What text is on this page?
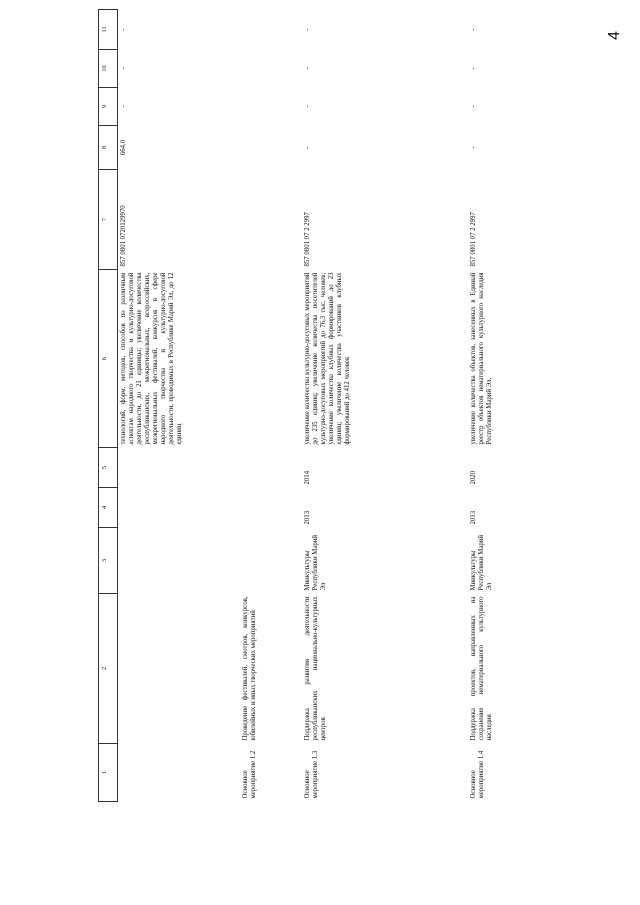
4
1	2	3	4	5	6	7	8	9	10	11
					технологий, форм, методов, способов по различным аспектам народного творчества и культурно-досуговой деятельности, до 21 единицы; увеличение количества республиканских, межрегиональных, всероссийских, межрегиональных фестивалей, конкурсов в сфере народного творчества и культурно-досуговой деятельности, проводимых в Республике Марий Эл, до 12 единиц	857 0801 0720129970	664,0	-	-	-
Основное мероприятие 1.2	Проведение фестивалей, смотров, конкурсов, юбилейных и иных творческих мероприятий									
Основное мероприятие 1.3	Поддержка развития деятельности республиканских национально-культурных центров	Минкультуры Республики Марий Эл	2013	2014	увеличение количества культурно-досуговых мероприятий до 235 единиц; увеличение количества посетителей культурно-досуговых мероприятий до 76,3 тыс. человек; увеличение количества клубных формирований до 23 единиц; увеличение количества участников клубных формирований до 412 человек	857 0801 07 2 2997	-	-	-	-
Основное мероприятие 1.4	Поддержка проектов, направленных на сохранение нематериального культурного наследия	Минкультуры Республики Марий Эл	2013	2020	увеличение количества объектов, занесенных в Единый реестр объектов нематериального культурного наследия Республики Марий Эл,	857 0801 07 2 2997	-	-	-	-
